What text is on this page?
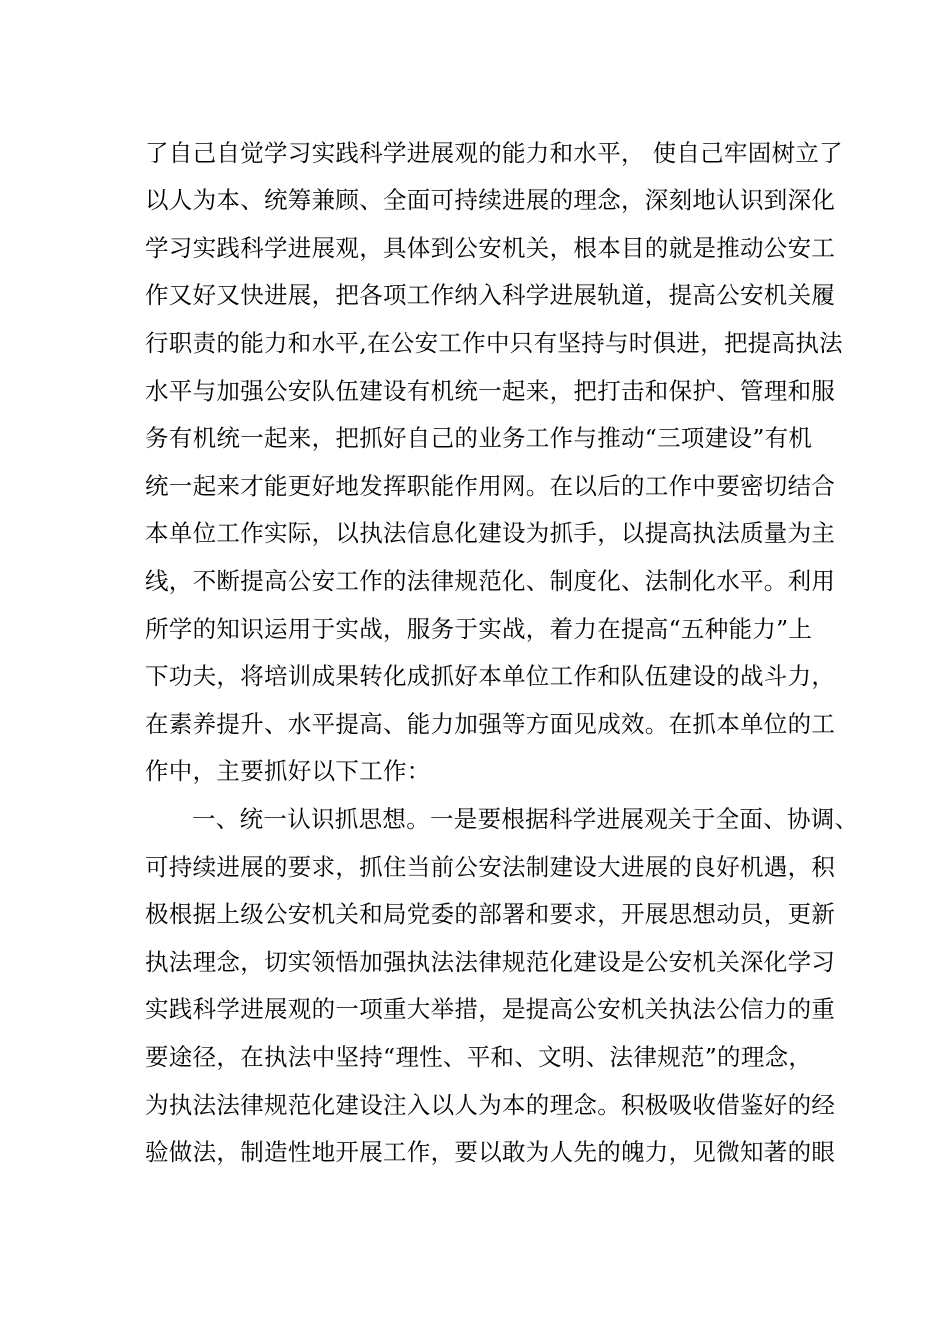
了自己自觉学习实践科学进展观的能力和水平， 使自己牢固树立了
以人为本、统筹兼顾、全面可持续进展的理念，深刻地认识到深化
学习实践科学进展观，具体到公安机关，根本目的就是推动公安工
作又好又快进展，把各项工作纳入科学进展轨道，提高公安机关履
行职责的能力和水平,在公安工作中只有坚持与时俱进，把提高执法
水平与加强公安队伍建设有机统一起来，把打击和保护、管理和服
务有机统一起来，把抓好自己的业务工作与推动“三项建设”有机
统一起来才能更好地发挥职能作用网。在以后的工作中要密切结合
本单位工作实际，以执法信息化建设为抓手，以提高执法质量为主
线，不断提高公安工作的法律规范化、制度化、法制化水平。利用
所学的知识运用于实战，服务于实战，着力在提高“五种能力”上
下功夫，将培训成果转化成抓好本单位工作和队伍建设的战斗力，
在素养提升、水平提高、能力加强等方面见成效。在抓本单位的工
作中，主要抓好以下工作：
一、统一认识抓思想。一是要根据科学进展观关于全面、协调、
可持续进展的要求，抓住当前公安法制建设大进展的良好机遇，积
极根据上级公安机关和局党委的部署和要求，开展思想动员，更新
执法理念，切实领悟加强执法法律规范化建设是公安机关深化学习
实践科学进展观的一项重大举措，是提高公安机关执法公信力的重
要途径，在执法中坚持“理性、平和、文明、法律规范”的理念，
为执法法律规范化建设注入以人为本的理念。积极吸收借鉴好的经
验做法，制造性地开展工作，要以敢为人先的魄力，见微知著的眼
